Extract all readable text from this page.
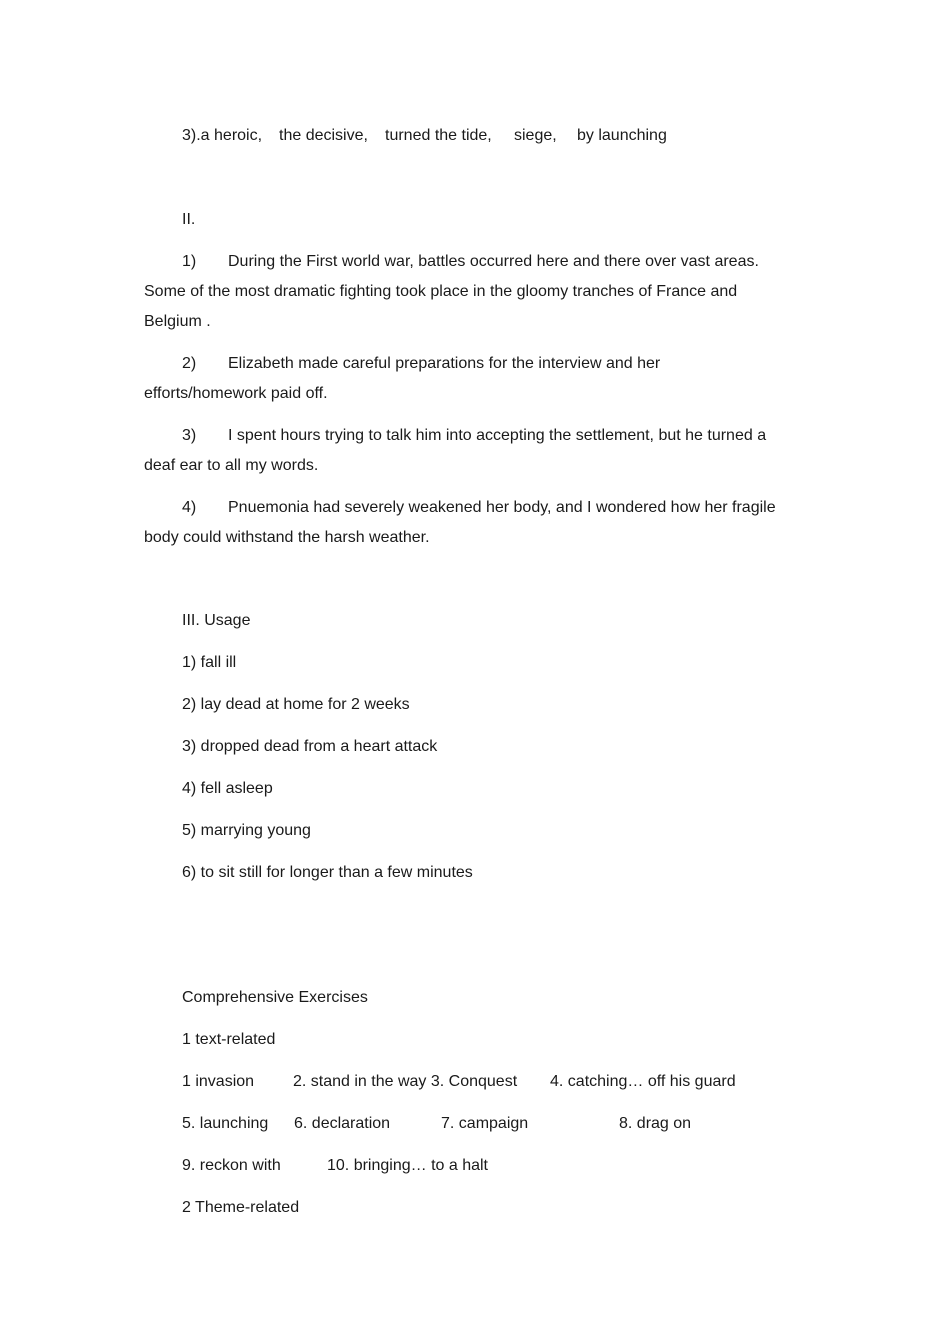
3).a heroic, the decisive, turned the tide, siege, by launching
II.
1) During the First world war, battles occurred here and there over vast areas.
Some of the most dramatic fighting took place in the gloomy tranches of France and
Belgium .
2) Elizabeth made careful preparations for the interview and her
efforts/homework paid off.
3) I spent hours trying to talk him into accepting the settlement, but he turned a
deaf ear to all my words.
4) Pnuemonia had severely weakened her body, and I wondered how her fragile
body could withstand the harsh weather.
III. Usage
1) fall ill
2) lay dead at home for 2 weeks
3) dropped dead from a heart attack
4) fell asleep
5) marrying young
6) to sit still for longer than a few minutes
Comprehensive Exercises
1 text-related
1 invasion 2. stand in the way 3. Conquest 4. catching… off his guard
5. launching 6. declaration	7. campaign	8. drag on
9. reckon with	10. bringing… to a halt
2 Theme-related
